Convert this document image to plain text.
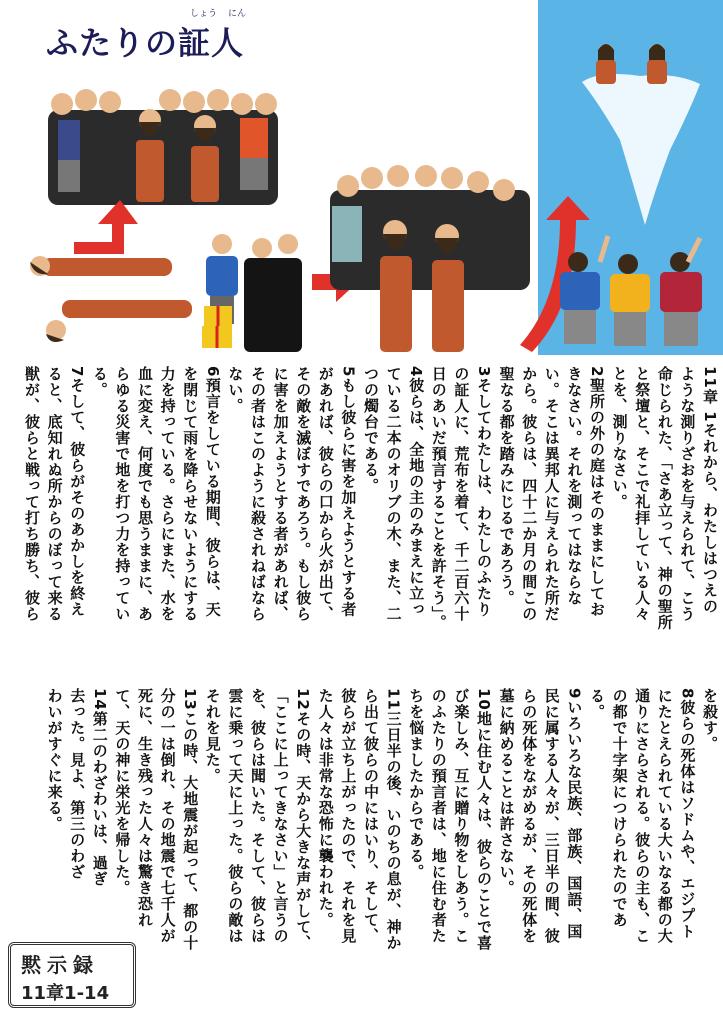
ふたりの証人
しょう にん
11章 1それから、わたしはつえの
ような測りざおを与えられて、こう
命じられた、「さあ立って、神の聖所
と祭壇と、そこで礼拝している人々
とを、測りなさい。
2聖所の外の庭はそのままにしてお
きなさい。それを測ってはならな
い。そこは異邦人に与えられた所だ
から。彼らは、四十二か月の間この
聖なる都を踏みにじるであろう。
3そしてわたしは、わたしのふたり
の証人に、荒布を着て、千二百六十
日のあいだ預言することを許そう」。
4彼らは、全地の主のみまえに立っ
ている二本のオリブの木、また、二
つの燭台である。
5もし彼らに害を加えようとする者
があれば、彼らの口から火が出て、
その敵を滅ぼすであろう。もし彼ら
に害を加えようとする者があれば、
その者はこのように殺されねばなら
ない。
6預言をしている期間、彼らは、天
を閉じて雨を降らせないようにする
力を持っている。さらにまた、水を
血に変え、何度でも思うままに、あ
らゆる災害で地を打つ力を持ってい
る。
7そして、彼らがそのあかしを終え
ると、底知れぬ所からのぼって来る
獣が、彼らと戦って打ち勝ち、彼ら
を殺す。
8彼らの死体はソドムや、エジプト
にたとえられている大いなる都の大
通りにさらされる。彼らの主も、こ
の都で十字架につけられたのであ
る。
9いろいろな民族、部族、国語、国
民に属する人々が、三日半の間、彼
らの死体をながめるが、その死体を
墓に納めることは許さない。
10地に住む人々は、彼らのことで喜
び楽しみ、互に贈り物をしあう。こ
のふたりの預言者は、地に住む者た
ちを悩ましたからである。
11三日半の後、いのちの息が、神か
ら出て彼らの中にはいり、そして、
彼らが立ち上がったので、それを見
た人々は非常な恐怖に襲われた。
12その時、天から大きな声がして、
「ここに上ってきなさい」と言うの
を、彼らは聞いた。そして、彼らは
雲に乗って天に上った。彼らの敵は
それを見た。
13この時、大地震が起って、都の十
分の一は倒れ、その地震で七千人が
死に、生き残った人々は驚き恐れ
て、天の神に栄光を帰した。
14第二のわざわいは、過ぎ
去った。見よ、第三のわざ
わいがすぐに来る。
黙示録
11章1-14
